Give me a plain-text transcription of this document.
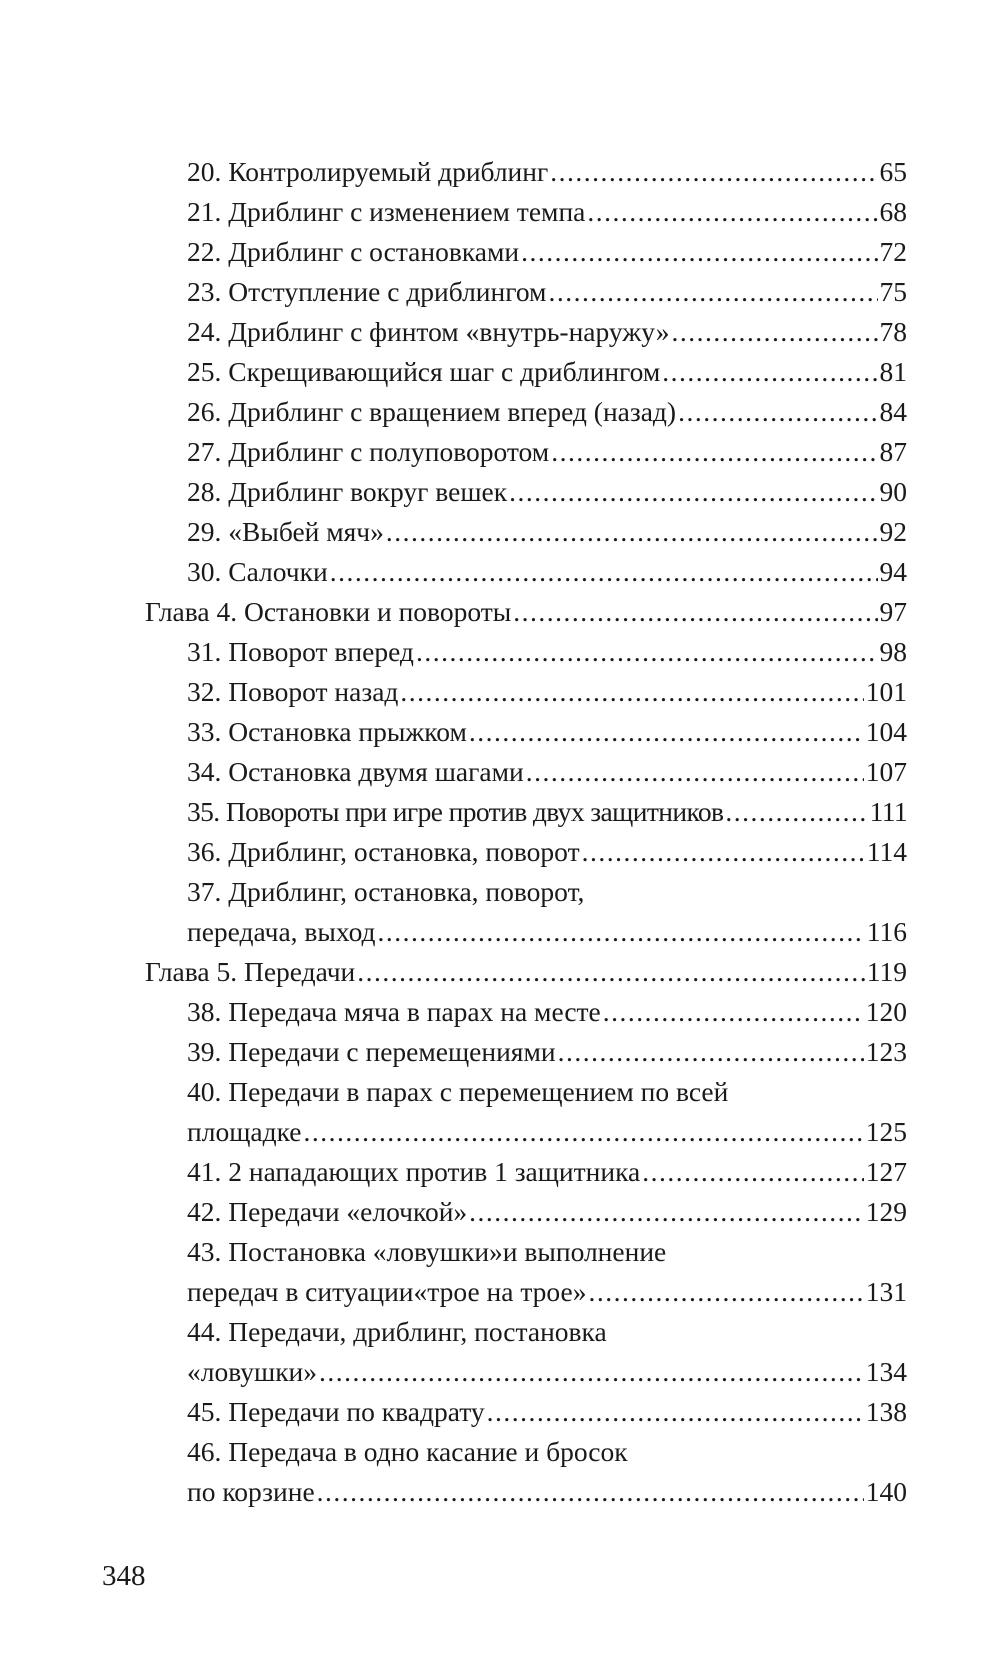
20. Контролируемый дриблинг .....	65
21. Дриблинг с изменением темпа .....	68
22. Дриблинг с остановками .....	72
23. Отступление с дриблингом .....	75
24. Дриблинг с финтом «внутрь-наружу» .....	78
25. Скрещивающийся шаг с дриблингом .....	81
26. Дриблинг с вращением вперед (назад) .....	84
27. Дриблинг с полуповоротом .....	87
28. Дриблинг вокруг вешек .....	90
29. «Выбей мяч» .....	92
30. Салочки .....	94
Глава 4. Остановки и повороты .....	97
31. Поворот вперед .....	98
32. Поворот назад .....	101
33. Остановка прыжком .....	104
34. Остановка двумя шагами .....	107
35. Повороты при игре против двух защитников .....	111
36. Дриблинг, остановка, поворот .....	114
37. Дриблинг, остановка, поворот,
передача, выход .....	116
Глава 5. Передачи .....	119
38. Передача мяча в парах на месте .....	120
39. Передачи с перемещениями .....	123
40. Передачи в парах с перемещением по всей
площадке .....	125
41. 2 нападающих против 1 защитника .....	127
42. Передачи «елочкой» .....	129
43. Постановка «ловушки»и выполнение
передач в ситуации«трое на трое» .....	131
44. Передачи, дриблинг, постановка
«ловушки» .....	134
45. Передачи по квадрату .....	138
46. Передача в одно касание и бросок
по корзине .....	140
348
